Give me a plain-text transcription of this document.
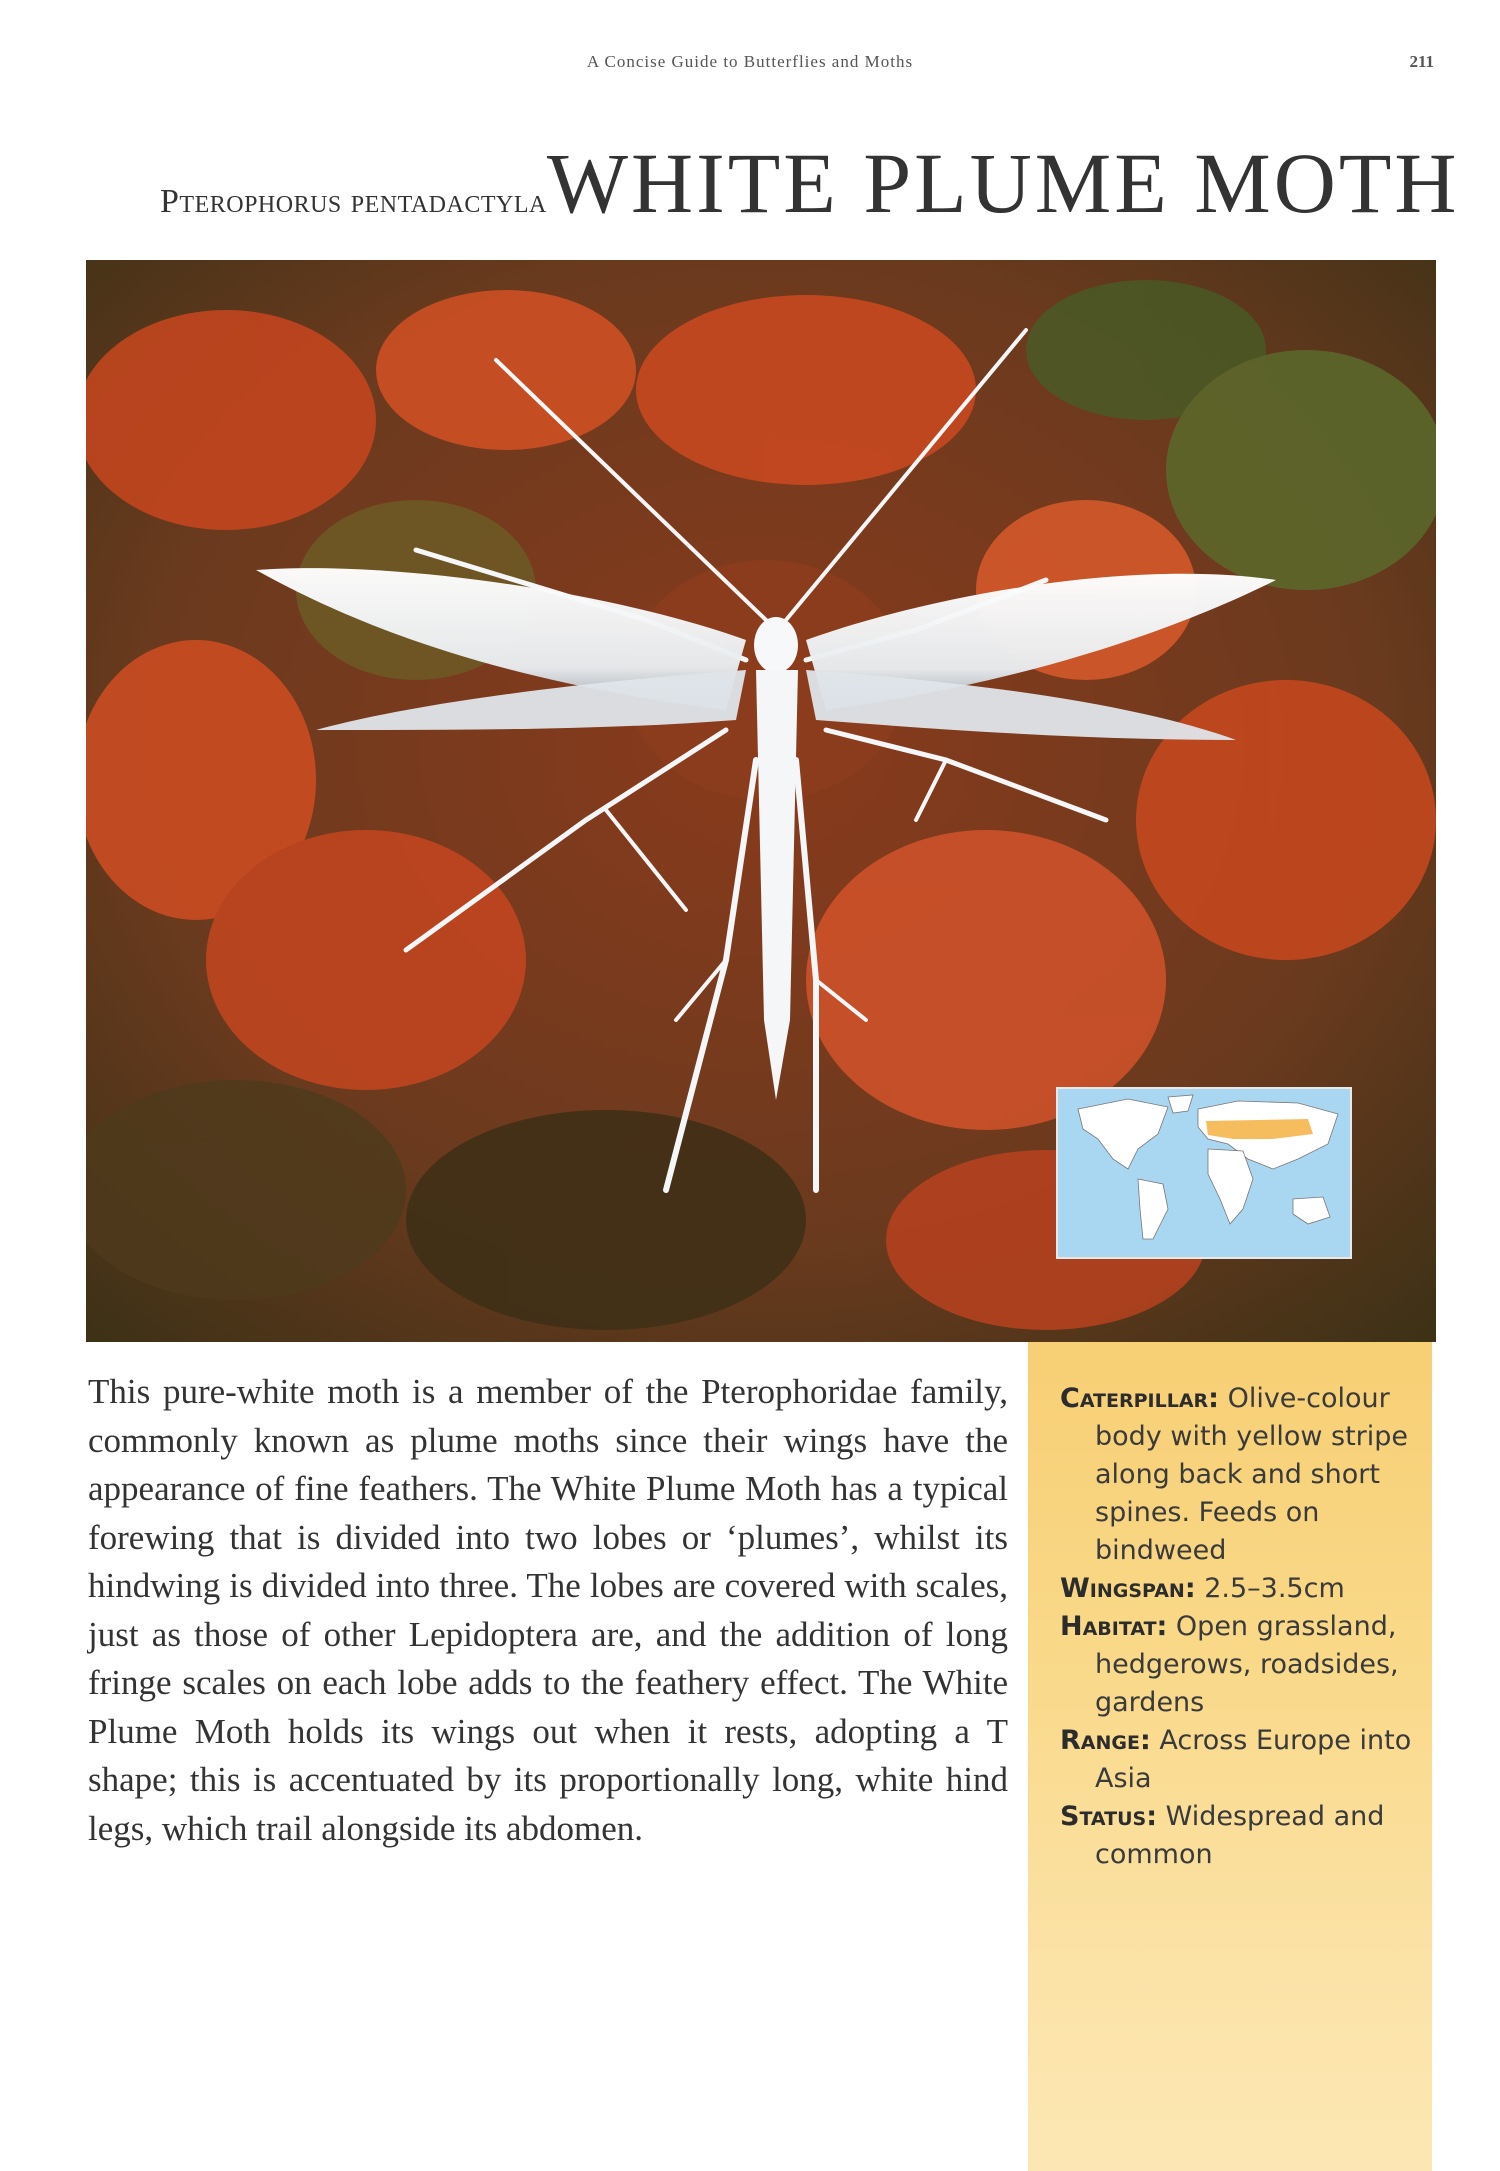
A Concise Guide to Butterflies and Moths	211
Pterophorus pentadactylaWHITE PLUME MOTH
This pure-white moth is a member of the Pterophoridae family, commonly known as plume moths since their wings have the appearance of fine feathers. The White Plume Moth has a typical forewing that is divided into two lobes or ‘plumes’, whilst its hindwing is divided into three. The lobes are covered with scales, just as those of other Lepidoptera are, and the addition of long fringe scales on each lobe adds to the feathery effect. The White Plume Moth holds its wings out when it rests, adopting a T shape; this is accentuated by its proportionally long, white hind legs, which trail alongside its abdomen.
Caterpillar: Olive-colour body with yellow stripe along back and short spines. Feeds on bindweed
Wingspan: 2.5–3.5cm
Habitat: Open grassland, hedgerows, roadsides, gardens
Range: Across Europe into Asia
Status: Widespread and common
